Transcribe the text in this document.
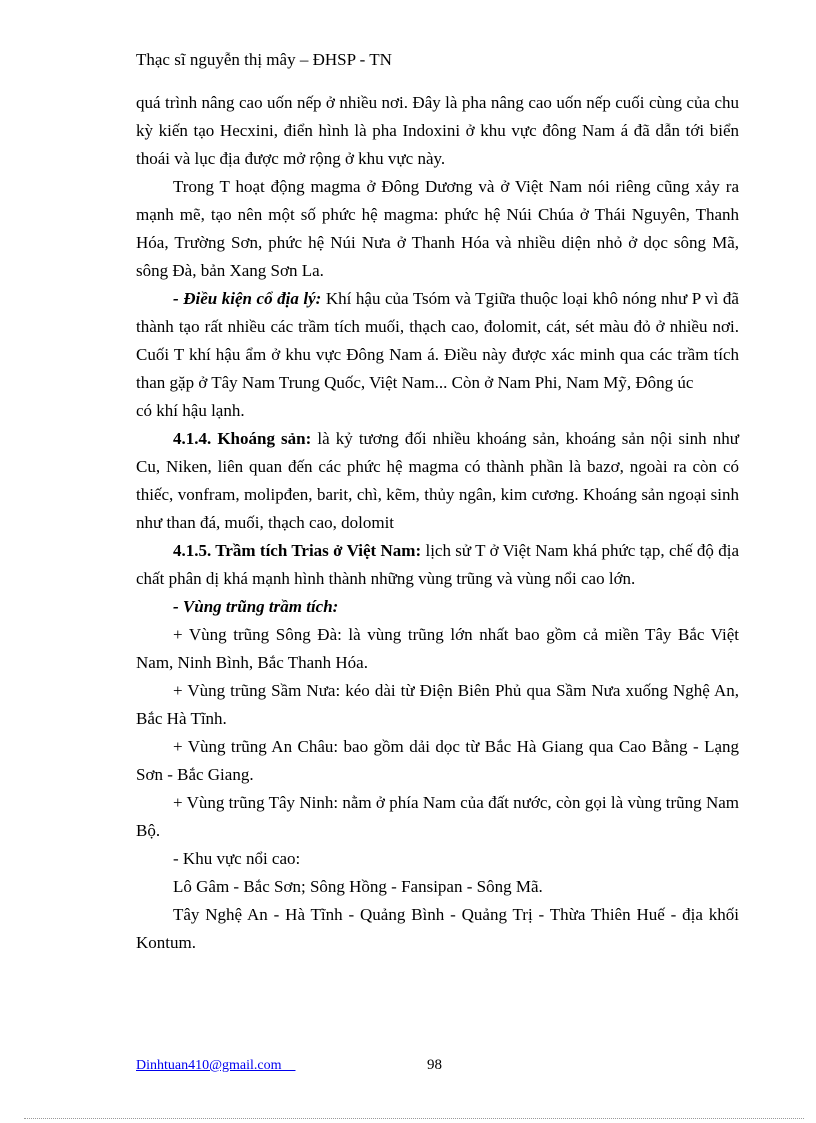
Thạc sĩ nguyễn thị mây – ĐHSP - TN

quá trình nâng cao uốn nếp ở nhiều nơi. Đây là pha nâng cao uốn nếp cuối cùng của chu kỳ kiến tạo Hecxini, điển hình là pha Indoxini ở khu vực đông Nam á đã dẫn tới biển thoái và lục địa được mở rộng ở khu vực này.

Trong T hoạt động magma ở Đông Dương và ở Việt Nam nói riêng cũng xảy ra mạnh mẽ, tạo nên một số phức hệ magma: phức hệ Núi Chúa ở Thái Nguyên, Thanh Hóa, Trường Sơn, phức hệ Núi Nưa ở Thanh Hóa và nhiều diện nhỏ ở dọc sông Mã, sông Đà, bản Xang Sơn La.

- Điều kiện cổ địa lý: Khí hậu của Tsóm và Tgiữa thuộc loại khô nóng như P vì đã thành tạo rất nhiều các trầm tích muối, thạch cao, đolomit, cát, sét màu đỏ ở nhiều nơi. Cuối T khí hậu ẩm ở khu vực Đông Nam á. Điều này được xác minh qua các trầm tích than gặp ở Tây Nam Trung Quốc, Việt Nam... Còn ở Nam Phi, Nam Mỹ, Đông úc

có khí hậu lạnh.

4.1.4. Khoáng sản: là kỷ tương đối nhiều khoáng sản, khoáng sản nội sinh như Cu, Niken, liên quan đến các phức hệ magma có thành phần là bazơ, ngoài ra còn có thiếc, vonfram, molipđen, barit, chì, kẽm, thủy ngân, kim cương. Khoáng sản ngoại sinh như than đá, muối, thạch cao, dolomit

4.1.5. Trầm tích Trias ở Việt Nam: lịch sử T ở Việt Nam khá phức tạp, chế độ địa chất phân dị khá mạnh hình thành những vùng trũng và vùng nổi cao lớn.

- Vùng trũng trầm tích:

+ Vùng trũng Sông Đà: là vùng trũng lớn nhất bao gồm cả miền Tây Bắc Việt Nam, Ninh Bình, Bắc Thanh Hóa.

+ Vùng trũng Sầm Nưa: kéo dài từ Điện Biên Phủ qua Sầm Nưa xuống Nghệ An, Bắc Hà Tĩnh.

+ Vùng trũng An Châu: bao gồm dải dọc từ Bắc Hà Giang qua Cao Bằng - Lạng Sơn - Bắc Giang.

+ Vùng trũng Tây Ninh: nằm ở phía Nam của đất nước, còn gọi là vùng trũng Nam Bộ.

- Khu vực nổi cao:

Lô Gâm - Bắc Sơn; Sông Hồng - Fansipan - Sông Mã.

Tây Nghệ An - Hà Tĩnh - Quảng Bình - Quảng Trị - Thừa Thiên Huế - địa khối Kontum.

Dinhtuan410@gmail.com	98
